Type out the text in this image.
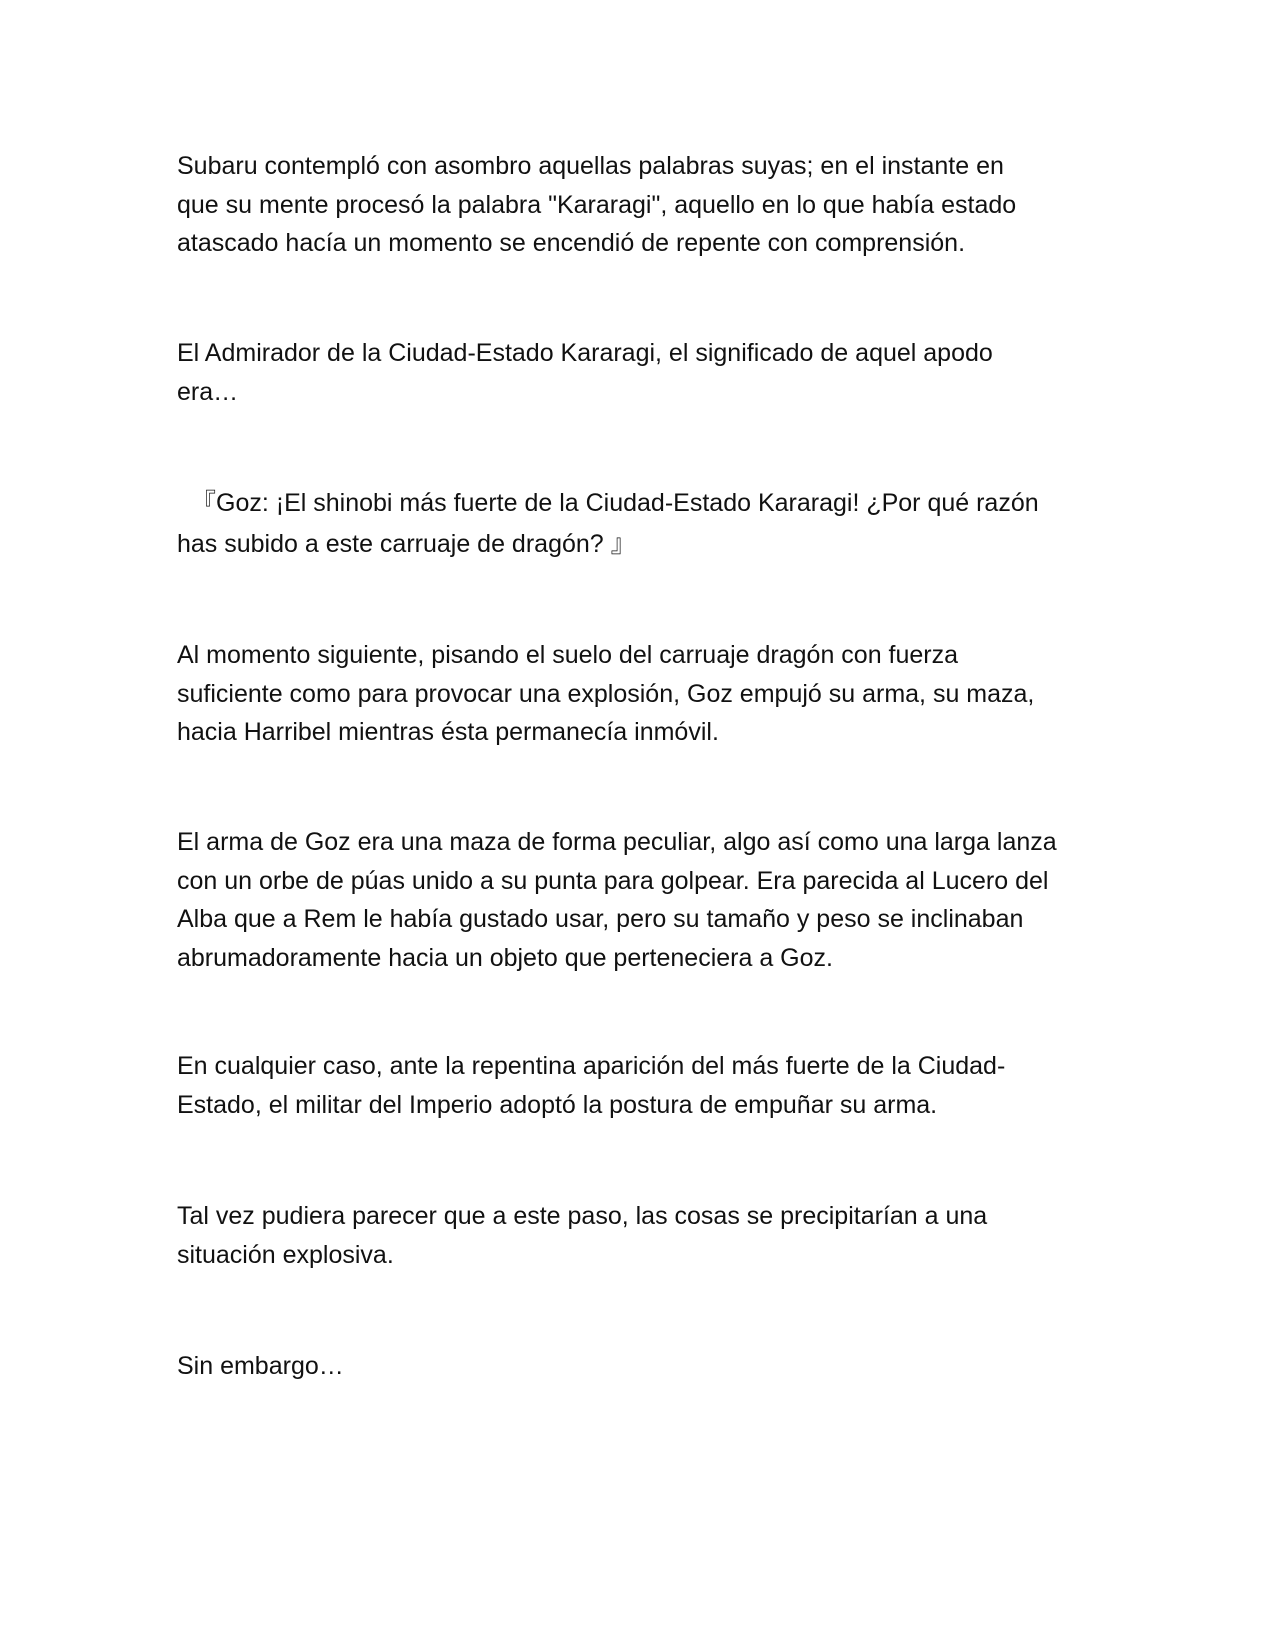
Subaru contempló con asombro aquellas palabras suyas; en el instante en
que su mente procesó la palabra "Kararagi", aquello en lo que había estado
atascado hacía un momento se encendió de repente con comprensión.

El Admirador de la Ciudad-Estado Kararagi, el significado de aquel apodo
era…

『Goz: ¡El shinobi más fuerte de la Ciudad-Estado Kararagi! ¿Por qué razón
has subido a este carruaje de dragón? 』

Al momento siguiente, pisando el suelo del carruaje dragón con fuerza
suficiente como para provocar una explosión, Goz empujó su arma, su maza,
hacia Harribel mientras ésta permanecía inmóvil.

El arma de Goz era una maza de forma peculiar, algo así como una larga lanza
con un orbe de púas unido a su punta para golpear. Era parecida al Lucero del
Alba que a Rem le había gustado usar, pero su tamaño y peso se inclinaban
abrumadoramente hacia un objeto que perteneciera a Goz.

En cualquier caso, ante la repentina aparición del más fuerte de la Ciudad-
Estado, el militar del Imperio adoptó la postura de empuñar su arma.

Tal vez pudiera parecer que a este paso, las cosas se precipitarían a una
situación explosiva.

Sin embargo…
